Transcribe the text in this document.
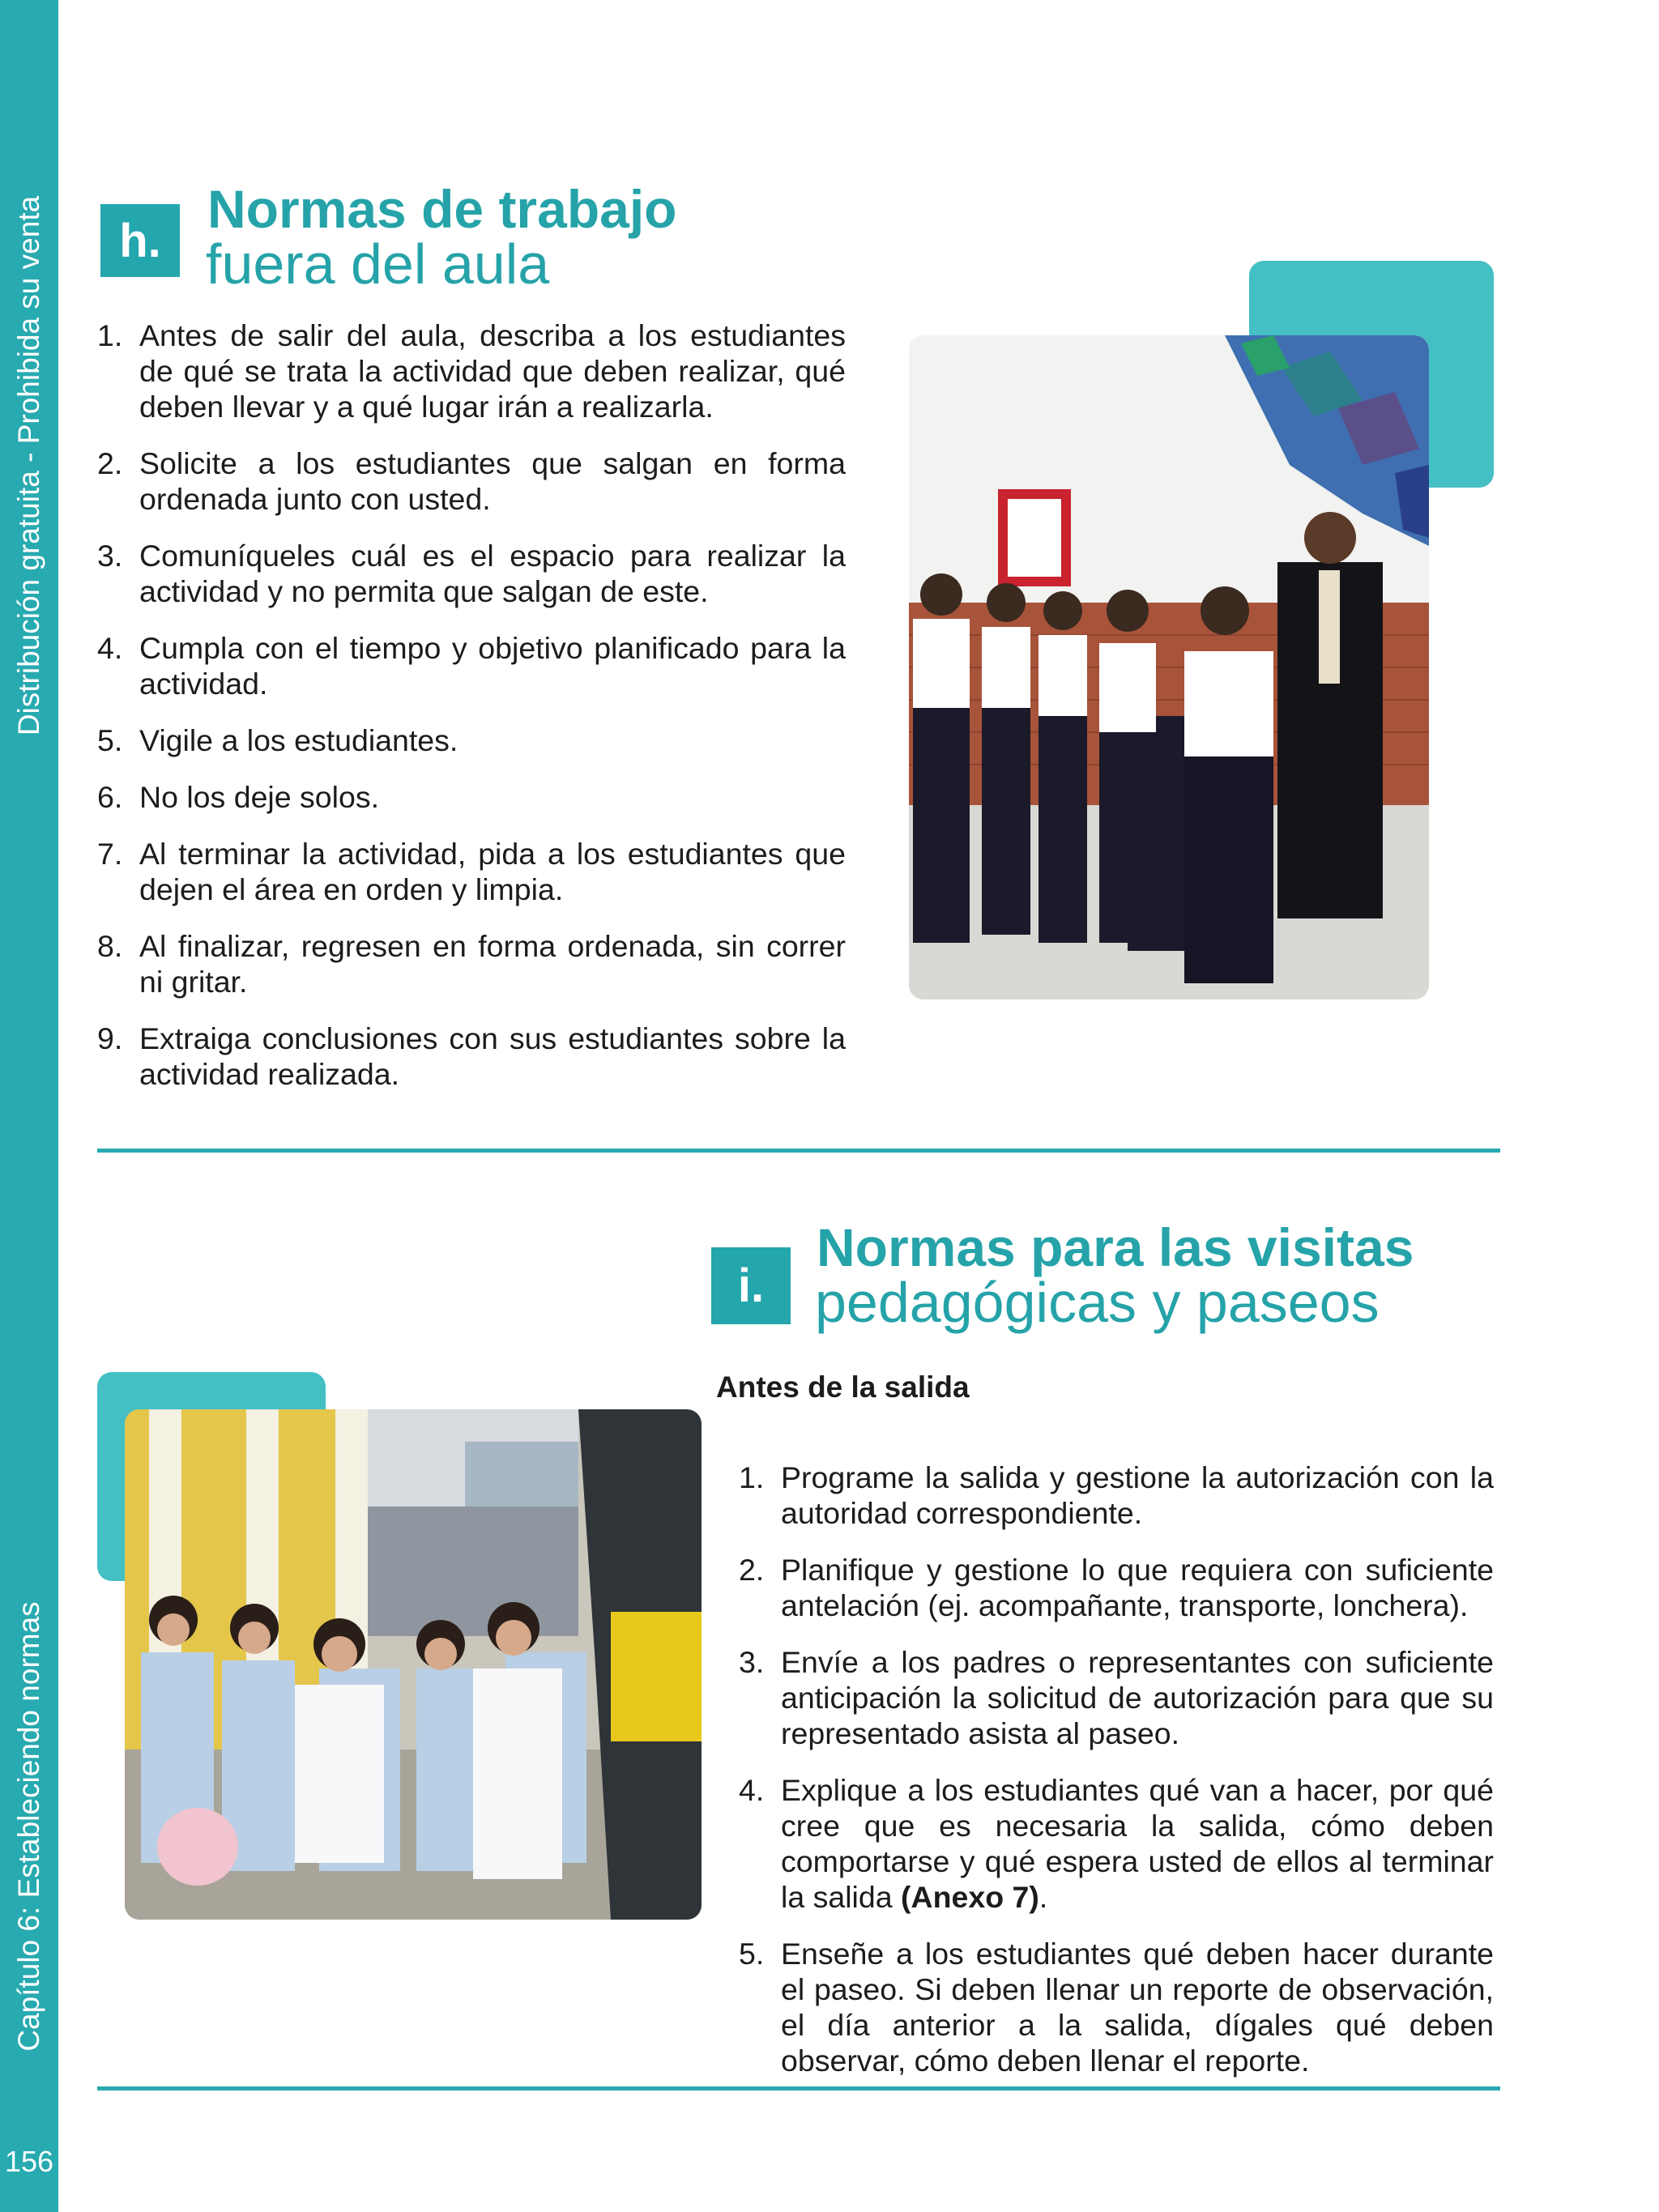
Distribución gratuita - Prohibida su venta
Capítulo 6: Estableciendo normas
156
h.
Normas de trabajo
fuera del aula
1. Antes de salir del aula, describa a los estudiantes de qué se trata la actividad que deben realizar, qué deben llevar y a qué lugar irán a realizarla.
2. Solicite a los estudiantes que salgan en forma ordenada junto con usted.
3. Comuníqueles cuál es el espacio para realizar la actividad y no permita que salgan de este.
4. Cumpla con el tiempo y objetivo planificado para la actividad.
5. Vigile a los estudiantes.
6. No los deje solos.
7. Al terminar la actividad, pida a los estudiantes que dejen el área en orden y limpia.
8. Al finalizar, regresen en forma ordenada, sin correr ni gritar.
9. Extraiga conclusiones con sus estudiantes sobre la actividad realizada.
i.
Normas para las visitas
pedagógicas y paseos
Antes de la salida
1. Programe la salida y gestione la autorización con la autoridad correspondiente.
2. Planifique y gestione lo que requiera con suficiente antelación (ej. acompañante, transporte, lonchera).
3. Envíe a los padres o representantes con suficiente anticipación la solicitud de autorización para que su representado asista al paseo.
4. Explique a los estudiantes qué van a hacer, por qué cree que es necesaria la salida, cómo deben comportarse y qué espera usted de ellos al terminar la salida (Anexo 7).
5. Enseñe a los estudiantes qué deben hacer durante el paseo. Si deben llenar un reporte de observación, el día anterior a la salida, dígales qué deben observar, cómo deben llenar el reporte.
